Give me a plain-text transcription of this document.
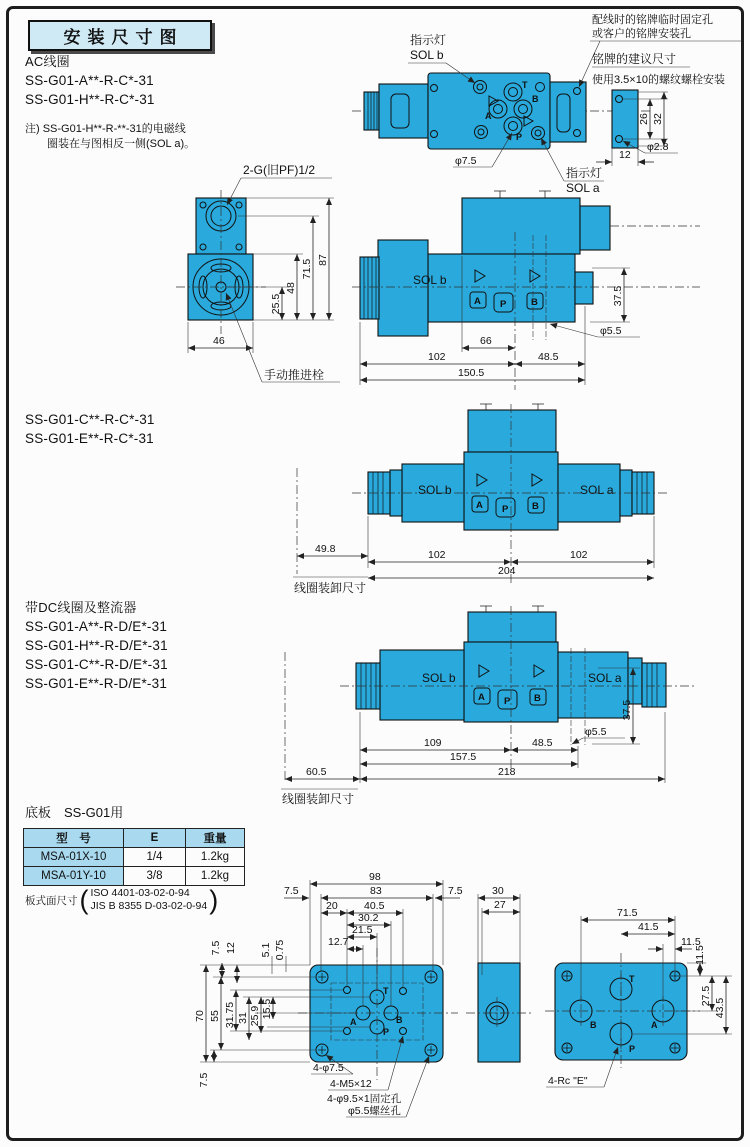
安装尺寸图
AC线圈
SS-G01-A**-R-C*-31
SS-G01-H**-R-C*-31
注) SS-G01-H**-R-**-31的电磁线
圈装在与图相反一侧(SOL a)。
SS-G01-C**-R-C*-31
SS-G01-E**-R-C*-31
带DC线圈及整流器
SS-G01-A**-R-D/E*-31
SS-G01-H**-R-D/E*-31
SS-G01-C**-R-D/E*-31
SS-G01-E**-R-D/E*-31
底板　SS-G01用
型　号	E	重量
MSA-01X-10	1/4	1.2kg
MSA-01Y-10	3/8	1.2kg
板式面尺寸 ( ISO 4401-03-02-0-94
JIS B 8355 D-03-02-0-94 )
T
B
A
P
指示灯
SOL b
φ7.5
指示灯
SOL a
配线时的铭牌临时固定孔
或客户的铭牌安装孔
铭牌的建议尺寸
使用3.5×10的螺纹螺栓安装
26 32
12
φ2.8
25.5
48
71.5 87
46
2-G(旧PF)1/2
手动推进栓
SOL b
A P	B	37.5
φ5.5
66
102	48.5
150.5
SOL b	SOL a
A P B
102	102
204
49.8
线圈装卸尺寸
SOL b	SOL a
A P B
109	48.5
157.5
218
φ5.5
37.5
60.5
线圈装卸尺寸
T
A	B
P
98
83
7.5	7.5
20	40.5
30.2
21.5
12.7
70 55 31.75 31 25.9 15.5
7.5 12 5.1 0.75
7.5
4-φ7.5
4-M5×12
4-φ9.5×1固定孔
φ5.5螺丝孔
30
27
T
B	A
P
71.5
41.5
11.5
11.5
27.5
43.5
4-Rc "E"
